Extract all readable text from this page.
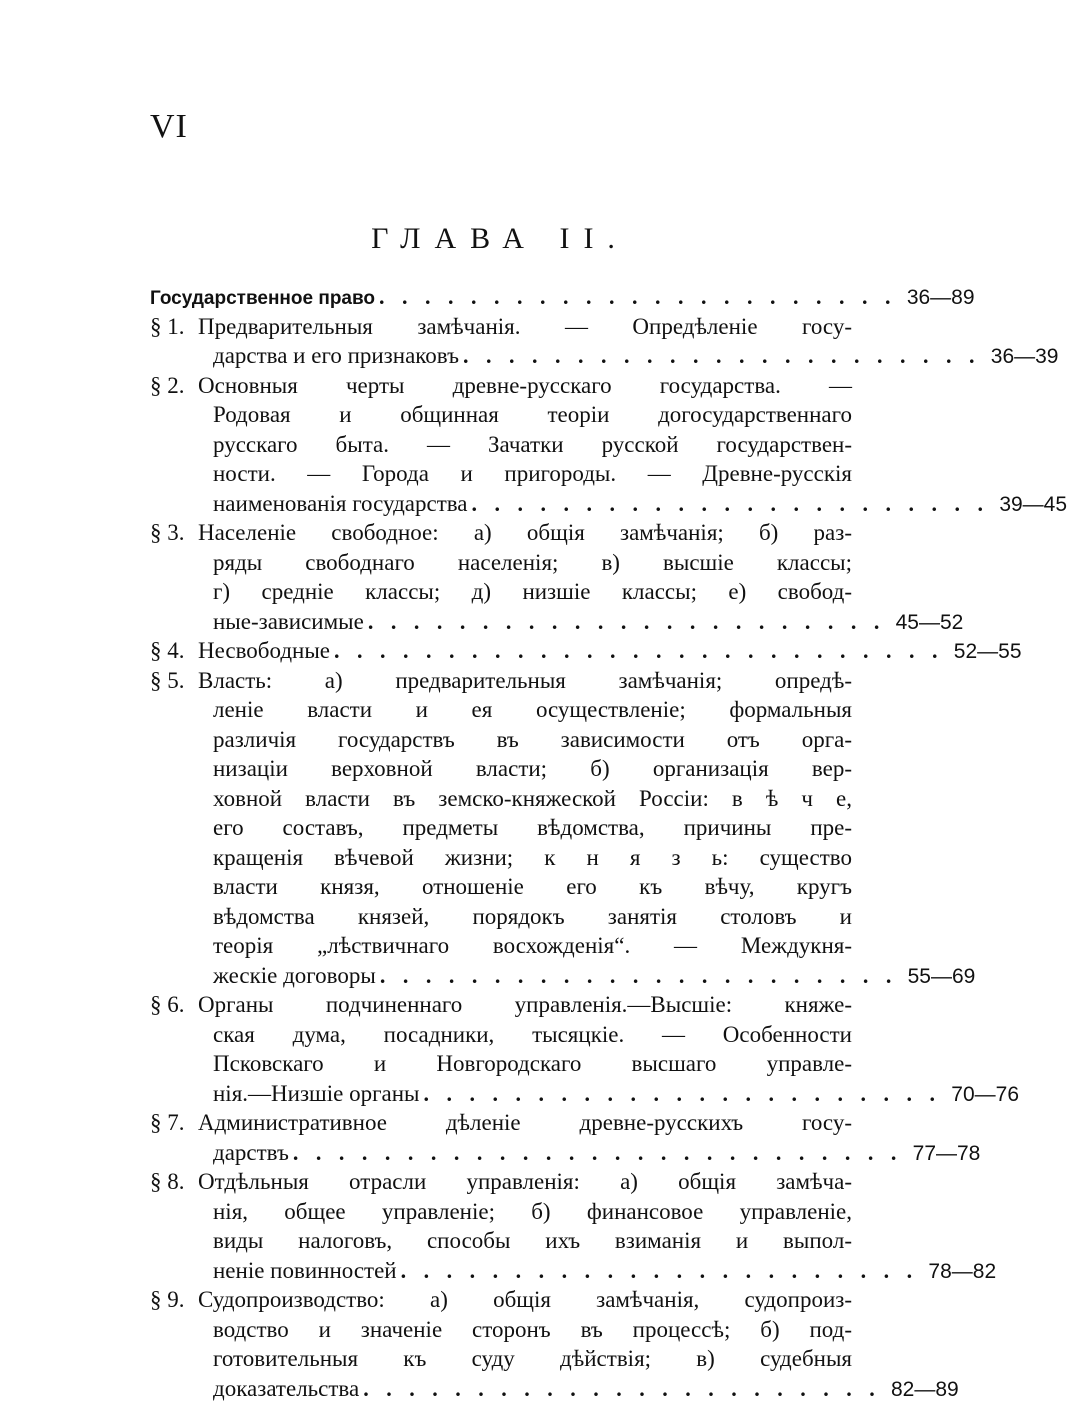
VI
ГЛАВА II.
Государственное право . . . . . . . . . . . . . . . . . . . . . . . 36—89
§ 1. Предварительныя замѣчанія. — Опредѣленіе госу-
дарства и его признаковъ . . . . . . . . . . . . . . . . . . . . . . . 36—39
§ 2. Основныя черты древне-русскаго государства. —
Родовая и общинная теоріи догосударственнаго
русскаго быта. — Зачатки русской государствен-
ности. — Города и пригороды. — Древне-русскія
наименованія государства . . . . . . . . . . . . . . . . . . . . . . . 39—45
§ 3. Населеніе свободное: а) общія замѣчанія; б) раз-
ряды свободнаго населенія; в) высшіе классы;
г) средніе классы; д) низшіе классы; е) свобод-
ные-зависимые . . . . . . . . . . . . . . . . . . . . . . . 45—52
§ 4. Несвободные . . . . . . . . . . . . . . . . . . . . . . . . . . . 52—55
§ 5. Власть: а) предварительныя замѣчанія; опредѣ-
леніе власти и ея осуществленіе; формальныя
различія государствъ въ зависимости отъ орга-
низаціи верховной власти; б) организація вер-
ховной власти въ земско-княжеской Россіи: в ѣ ч е,
его составъ, предметы вѣдомства, причины пре-
кращенія вѣчевой жизни; к н я з ь: существо
власти князя, отношеніе его къ вѣчу, кругъ
вѣдомства князей, порядокъ занятія столовъ и
теорія „лѣствичнаго восхожденія“. — Междукня-
жескіе договоры . . . . . . . . . . . . . . . . . . . . . . . 55—69
§ 6. Органы подчиненнаго управленія.—Высшіе: княже-
ская дума, посадники, тысяцкіе. — Особенности
Псковскаго и Новгородскаго высшаго управле-
нія.—Низшіе органы . . . . . . . . . . . . . . . . . . . . . . . 70—76
§ 7. Административное дѣленіе древне-русскихъ госу-
дарствъ . . . . . . . . . . . . . . . . . . . . . . . . . . . 77—78
§ 8. Отдѣльныя отрасли управленія: а) общія замѣча-
нія, общее управленіе; б) финансовое управленіе,
виды налоговъ, способы ихъ взиманія и выпол-
неніе повинностей . . . . . . . . . . . . . . . . . . . . . . . 78—82
§ 9. Судопроизводство: а) общія замѣчанія, судопроиз-
водство и значеніе сторонъ въ процессѣ; б) под-
готовительныя къ суду дѣйствія; в) судебныя
доказательства . . . . . . . . . . . . . . . . . . . . . . . 82—89
